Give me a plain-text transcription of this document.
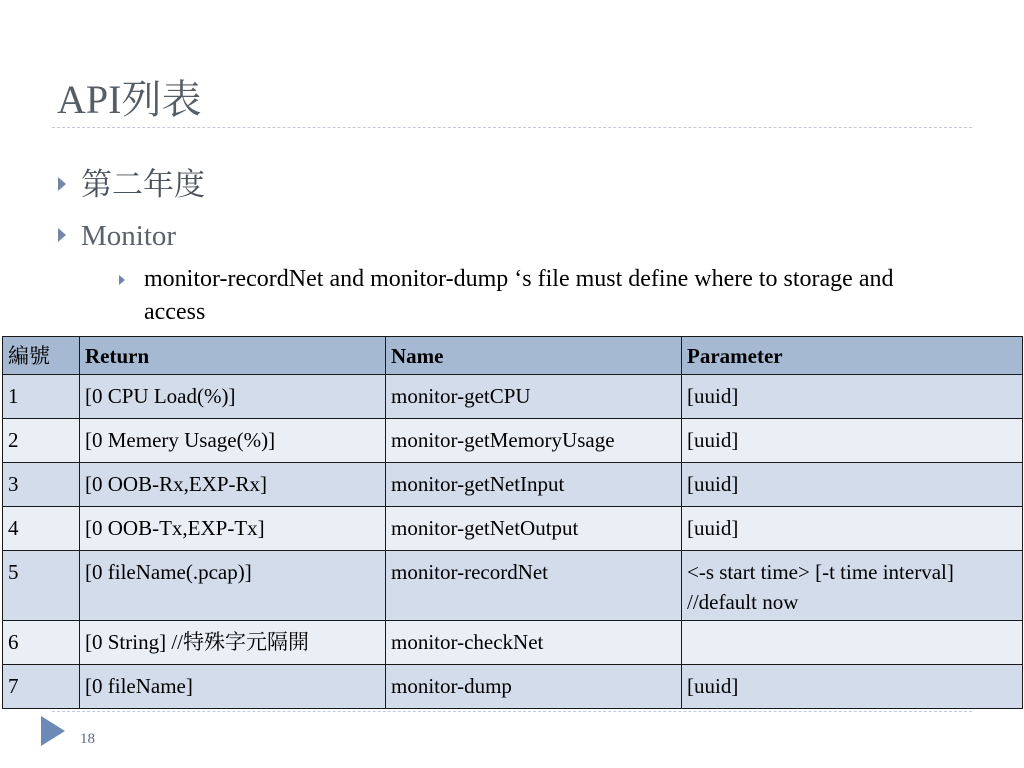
API列表
第二年度
Monitor
monitor-recordNet and monitor-dump ‘s file must define where to storage and access
編號	Return	Name	Parameter
1	[0 CPU Load(%)]	monitor-getCPU	[uuid]
2	[0 Memery Usage(%)]	monitor-getMemoryUsage	[uuid]
3	[0 OOB-Rx,EXP-Rx]	monitor-getNetInput	[uuid]
4	[0 OOB-Tx,EXP-Tx]	monitor-getNetOutput	[uuid]
5	[0 fileName(.pcap)]	monitor-recordNet	<-s start time> [-t time interval] //default now
6	[0 String] //特殊字元隔開	monitor-checkNet	
7	[0 fileName]	monitor-dump	[uuid]
18
